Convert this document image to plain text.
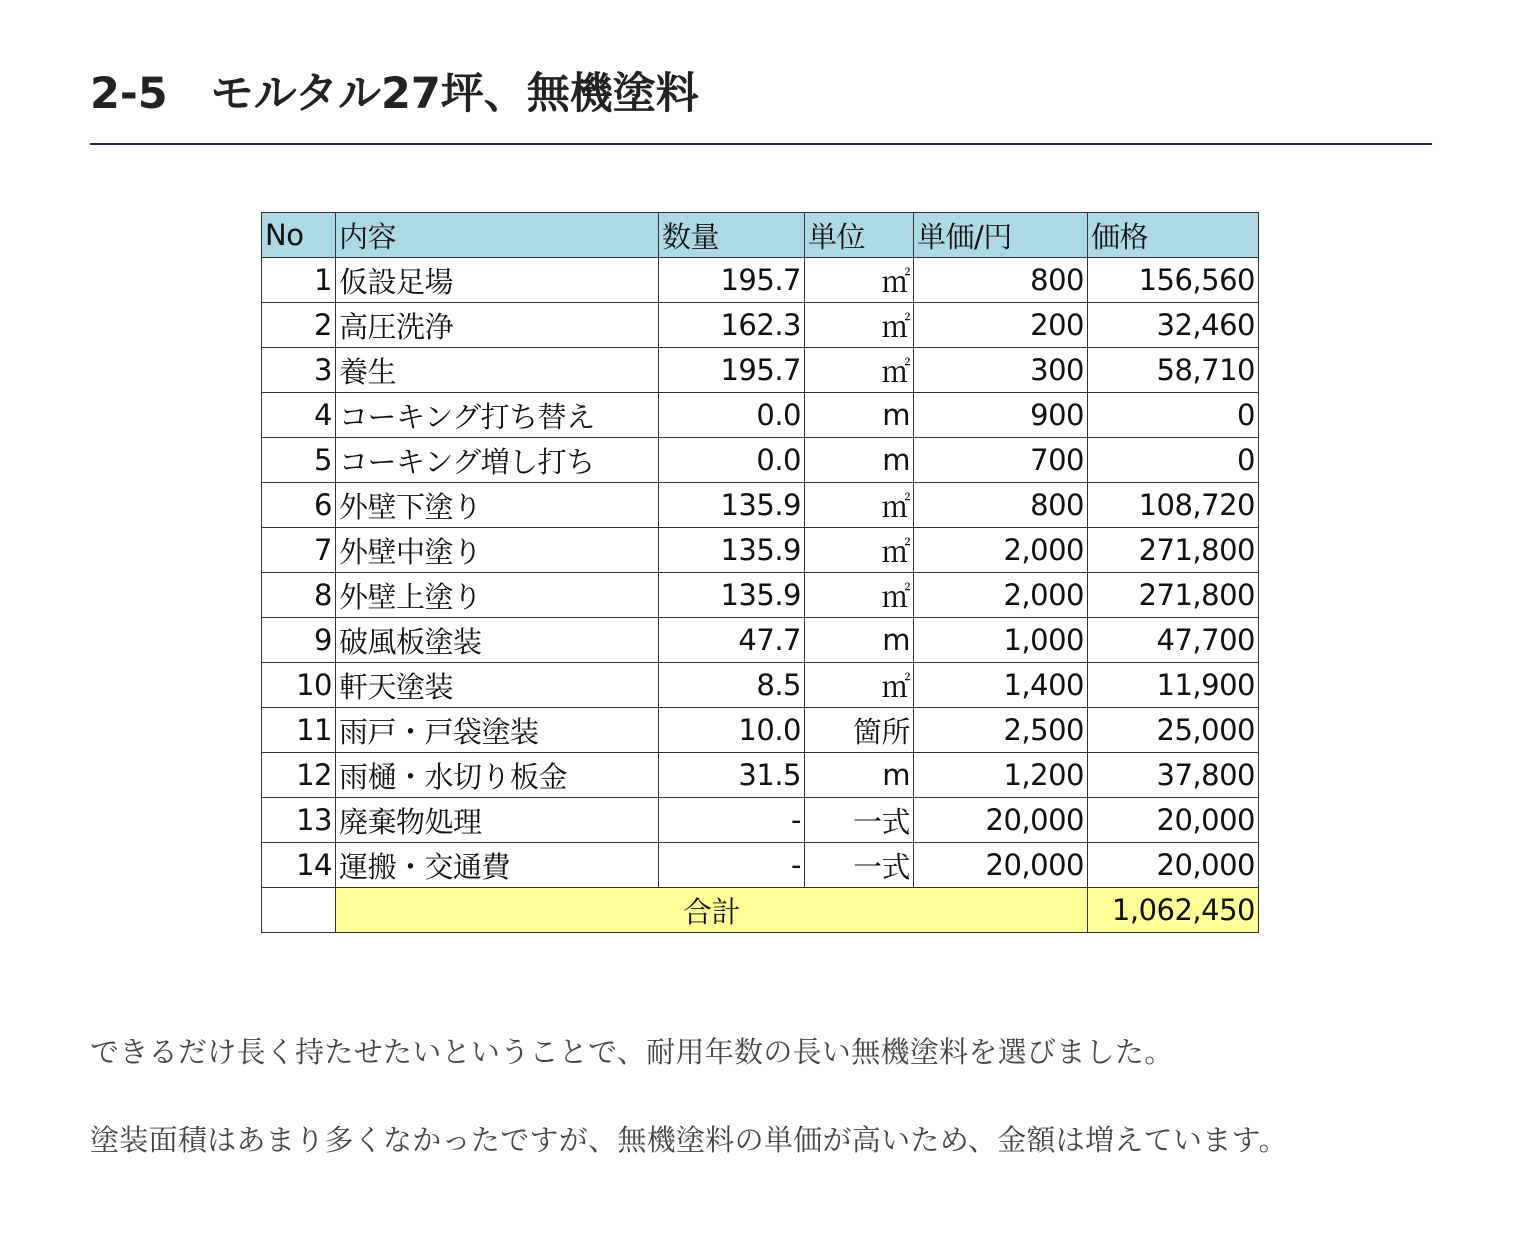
2-5　モルタル27坪、無機塗料
No	内容	数量	単位	単価/円	価格
1	仮設足場	195.7	㎡	800	156,560
2	高圧洗浄	162.3	㎡	200	32,460
3	養生	195.7	㎡	300	58,710
4	コーキング打ち替え	0.0	m	900	0
5	コーキング増し打ち	0.0	m	700	0
6	外壁下塗り	135.9	㎡	800	108,720
7	外壁中塗り	135.9	㎡	2,000	271,800
8	外壁上塗り	135.9	㎡	2,000	271,800
9	破風板塗装	47.7	m	1,000	47,700
10	軒天塗装	8.5	㎡	1,400	11,900
11	雨戸・戸袋塗装	10.0	箇所	2,500	25,000
12	雨樋・水切り板金	31.5	m	1,200	37,800
13	廃棄物処理	-	一式	20,000	20,000
14	運搬・交通費	-	一式	20,000	20,000
	合計				1,062,450

できるだけ長く持たせたいということで、耐用年数の長い無機塗料を選びました。

塗装面積はあまり多くなかったですが、無機塗料の単価が高いため、金額は増えています。
